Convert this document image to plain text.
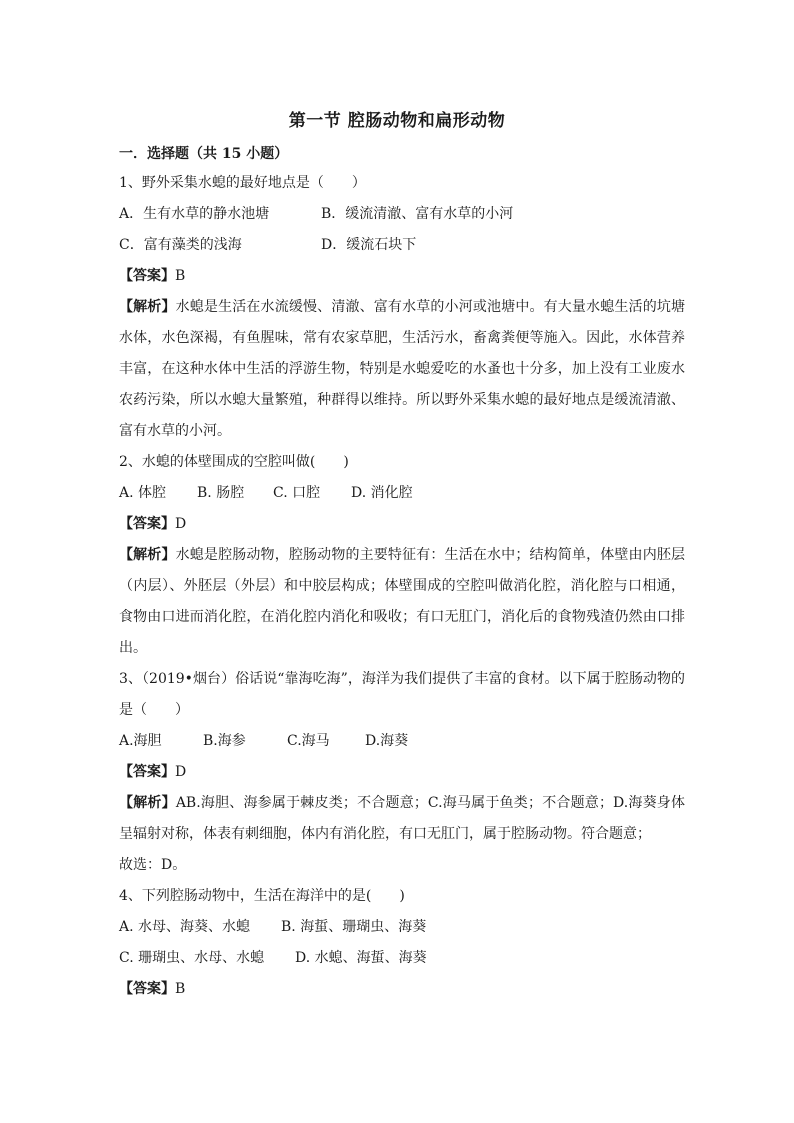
第一节 腔肠动物和扁形动物
一．选择题（共 15 小题）
1、野外采集水螅的最好地点是（　　）
A．生有水草的静水池塘	B．缓流清澈、富有水草的小河
C．富有藻类的浅海	D．缓流石块下
【答案】B
【解析】水螅是生活在水流缓慢、清澈、富有水草的小河或池塘中。有大量水螅生活的坑塘水体，水色深褐，有鱼腥味，常有农家草肥，生活污水，畜禽粪便等施入。因此，水体营养丰富，在这种水体中生活的浮游生物，特别是水螅爱吃的水蚤也十分多，加上没有工业废水农药污染，所以水螅大量繁殖，种群得以维持。所以野外采集水螅的最好地点是缓流清澈、富有水草的小河。
2、水螅的体壁围成的空腔叫做(　　)
A. 体腔	B. 肠腔	C. 口腔	D. 消化腔
【答案】D
【解析】水螅是腔肠动物，腔肠动物的主要特征有：生活在水中；结构简单，体壁由内胚层（内层）、外胚层（外层）和中胶层构成；体壁围成的空腔叫做消化腔，消化腔与口相通，食物由口进而消化腔，在消化腔内消化和吸收；有口无肛门，消化后的食物残渣仍然由口排出。
3、（2019•烟台）俗话说“靠海吃海”，海洋为我们提供了丰富的食材。以下属于腔肠动物的是（　　）
A.海胆	B.海参	C.海马	D.海葵
【答案】D
【解析】AB.海胆、海参属于棘皮类；不合题意；C.海马属于鱼类；不合题意；D.海葵身体呈辐射对称，体表有刺细胞，体内有消化腔，有口无肛门，属于腔肠动物。符合题意；
故选：D。
4、下列腔肠动物中，生活在海洋中的是(　　)
A. 水母、海葵、水螅	B. 海蜇、珊瑚虫、海葵
C. 珊瑚虫、水母、水螅	D. 水螅、海蜇、海葵
【答案】B
